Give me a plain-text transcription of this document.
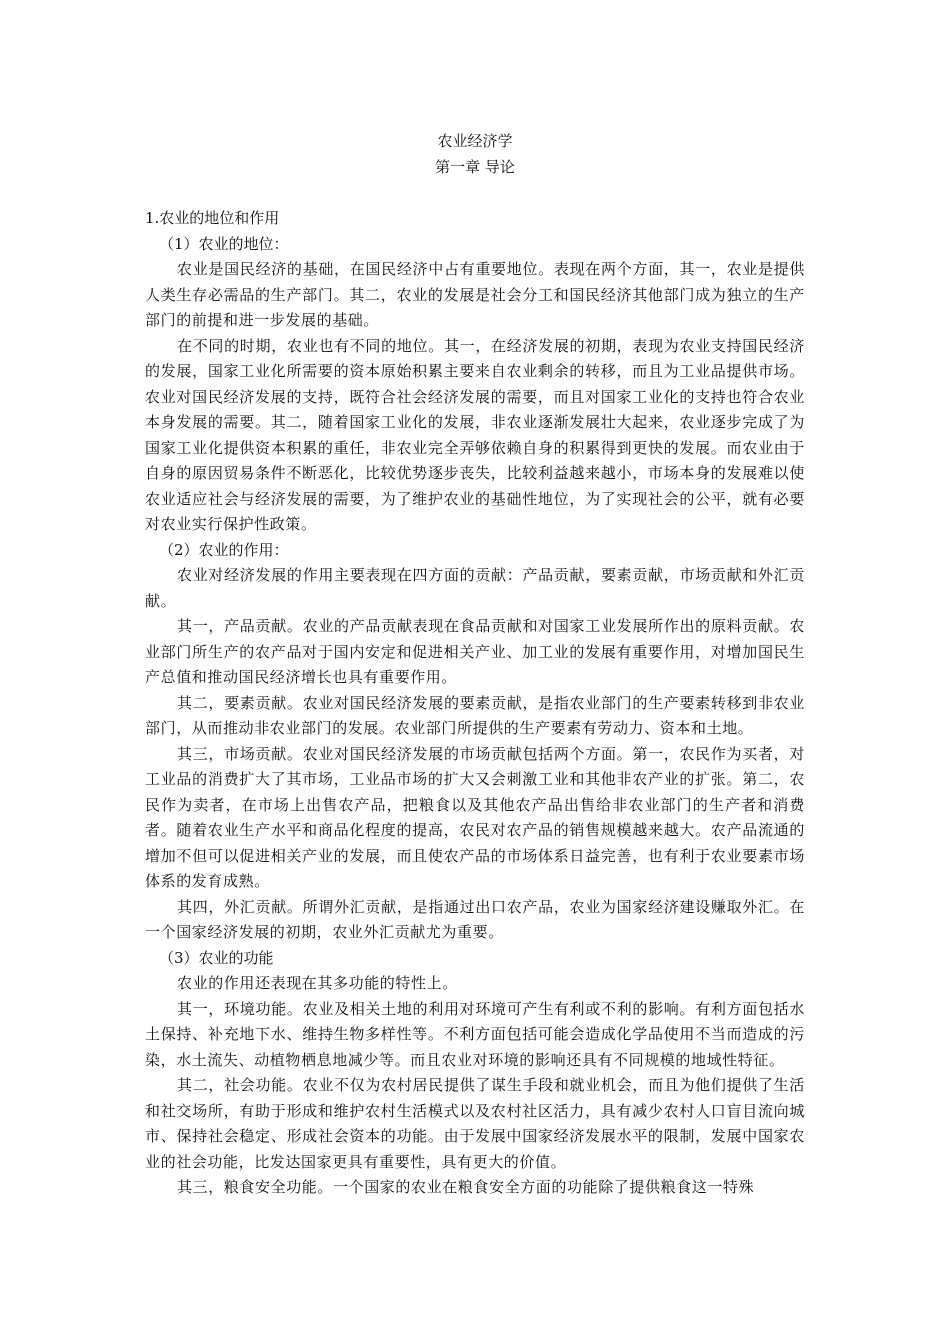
农业经济学
第一章 导论

1.农业的地位和作用

（1）农业的地位：

农业是国民经济的基础，在国民经济中占有重要地位。表现在两个方面，其一，农业是提供人类生存必需品的生产部门。其二，农业的发展是社会分工和国民经济其他部门成为独立的生产部门的前提和进一步发展的基础。

在不同的时期，农业也有不同的地位。其一，在经济发展的初期，表现为农业支持国民经济的发展，国家工业化所需要的资本原始积累主要来自农业剩余的转移，而且为工业品提供市场。农业对国民经济发展的支持，既符合社会经济发展的需要，而且对国家工业化的支持也符合农业本身发展的需要。其二，随着国家工业化的发展，非农业逐渐发展壮大起来，农业逐步完成了为国家工业化提供资本积累的重任，非农业完全弄够依赖自身的积累得到更快的发展。而农业由于自身的原因贸易条件不断恶化，比较优势逐步丧失，比较利益越来越小，市场本身的发展难以使农业适应社会与经济发展的需要，为了维护农业的基础性地位，为了实现社会的公平，就有必要对农业实行保护性政策。

（2）农业的作用：

农业对经济发展的作用主要表现在四方面的贡献：产品贡献，要素贡献，市场贡献和外汇贡献。

其一，产品贡献。农业的产品贡献表现在食品贡献和对国家工业发展所作出的原料贡献。农业部门所生产的农产品对于国内安定和促进相关产业、加工业的发展有重要作用，对增加国民生产总值和推动国民经济增长也具有重要作用。

其二，要素贡献。农业对国民经济发展的要素贡献，是指农业部门的生产要素转移到非农业部门，从而推动非农业部门的发展。农业部门所提供的生产要素有劳动力、资本和土地。

其三，市场贡献。农业对国民经济发展的市场贡献包括两个方面。第一，农民作为买者，对工业品的消费扩大了其市场，工业品市场的扩大又会刺激工业和其他非农产业的扩张。第二，农民作为卖者，在市场上出售农产品，把粮食以及其他农产品出售给非农业部门的生产者和消费者。随着农业生产水平和商品化程度的提高，农民对农产品的销售规模越来越大。农产品流通的增加不但可以促进相关产业的发展，而且使农产品的市场体系日益完善，也有利于农业要素市场体系的发育成熟。

其四，外汇贡献。所谓外汇贡献，是指通过出口农产品，农业为国家经济建设赚取外汇。在一个国家经济发展的初期，农业外汇贡献尤为重要。

（3）农业的功能

农业的作用还表现在其多功能的特性上。

其一，环境功能。农业及相关土地的利用对环境可产生有利或不利的影响。有利方面包括水土保持、补充地下水、维持生物多样性等。不利方面包括可能会造成化学品使用不当而造成的污染，水土流失、动植物栖息地减少等。而且农业对环境的影响还具有不同规模的地域性特征。

其二，社会功能。农业不仅为农村居民提供了谋生手段和就业机会，而且为他们提供了生活和社交场所，有助于形成和维护农村生活模式以及农村社区活力，具有减少农村人口盲目流向城市、保持社会稳定、形成社会资本的功能。由于发展中国家经济发展水平的限制，发展中国家农业的社会功能，比发达国家更具有重要性，具有更大的价值。

其三，粮食安全功能。一个国家的农业在粮食安全方面的功能除了提供粮食这一特殊
